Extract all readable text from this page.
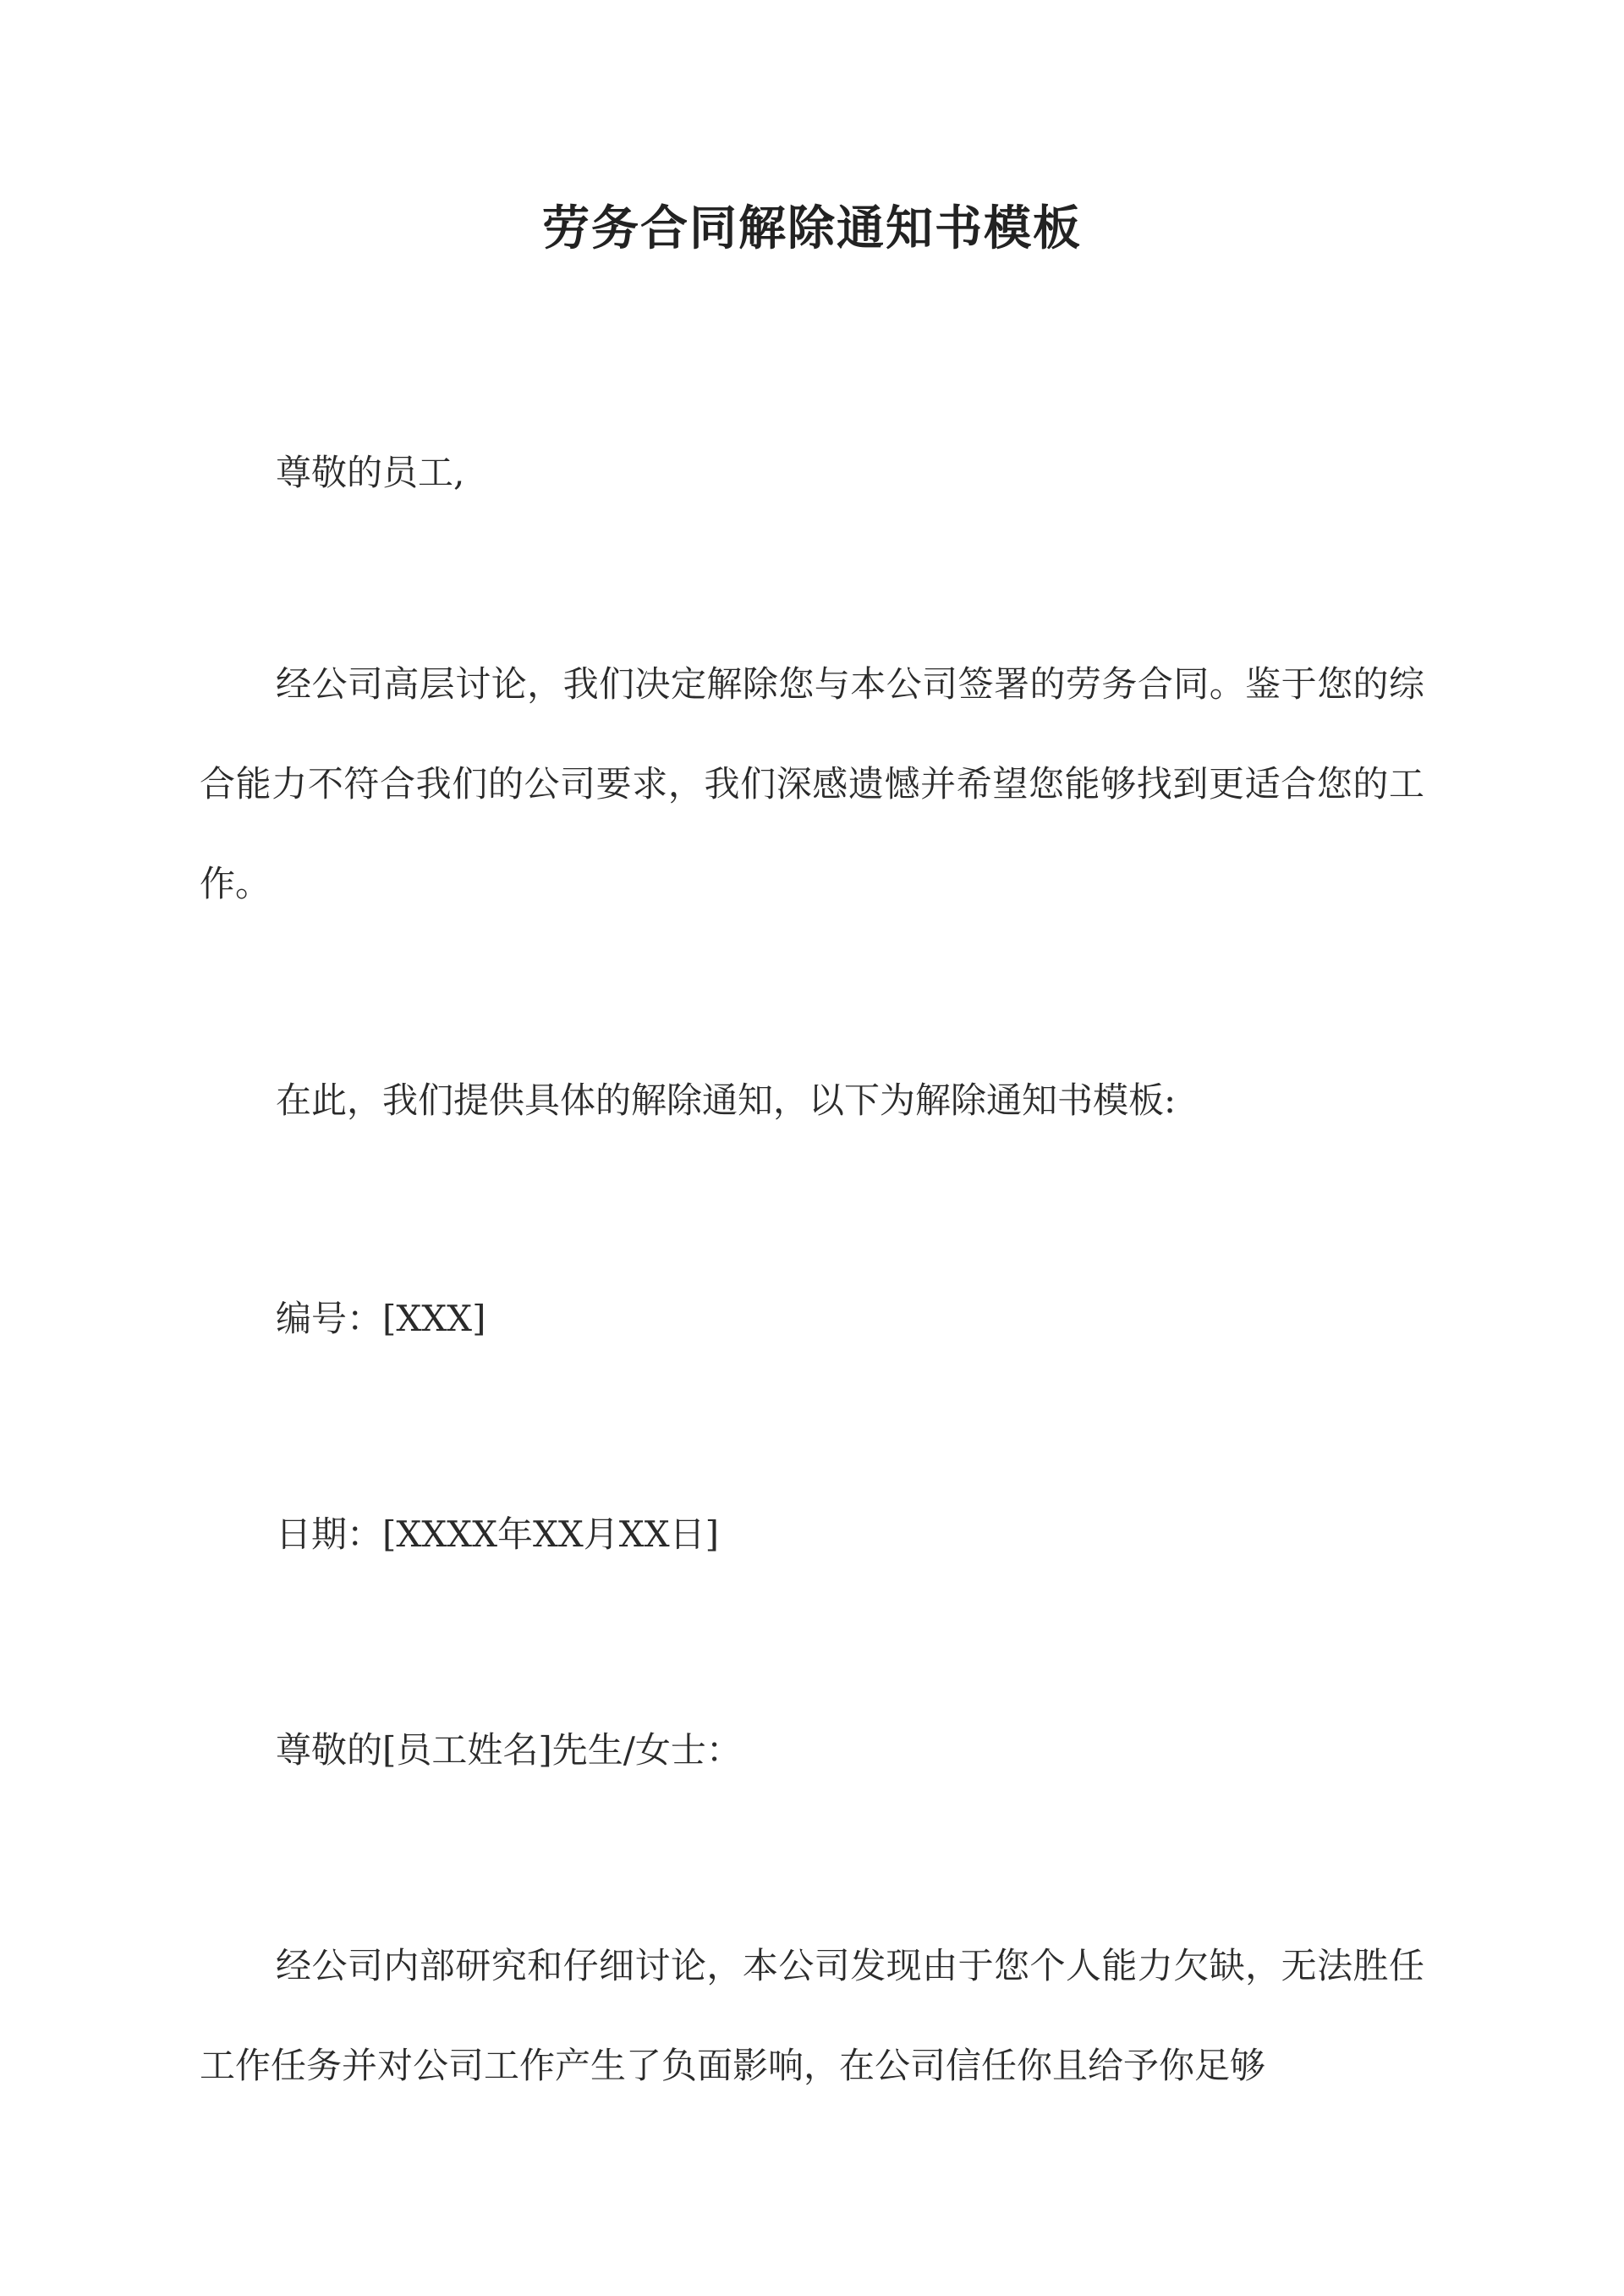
劳务合同解除通知书模板

尊敬的员工,

经公司高层讨论，我们决定解除您与本公司签署的劳务合同。鉴于您的综合能力不符合我们的公司要求，我们深感遗憾并希望您能够找到更适合您的工作。

在此，我们提供具体的解除通知，以下为解除通知书模板:

编号：[XXX]

日期：[XXXX年XX月XX日]

尊敬的[员工姓名]先生/女士：

经公司内部研究和仔细讨论，本公司发现由于您个人能力欠缺，无法胜任工作任务并对公司工作产生了负面影响，在公司信任你且给予你足够
